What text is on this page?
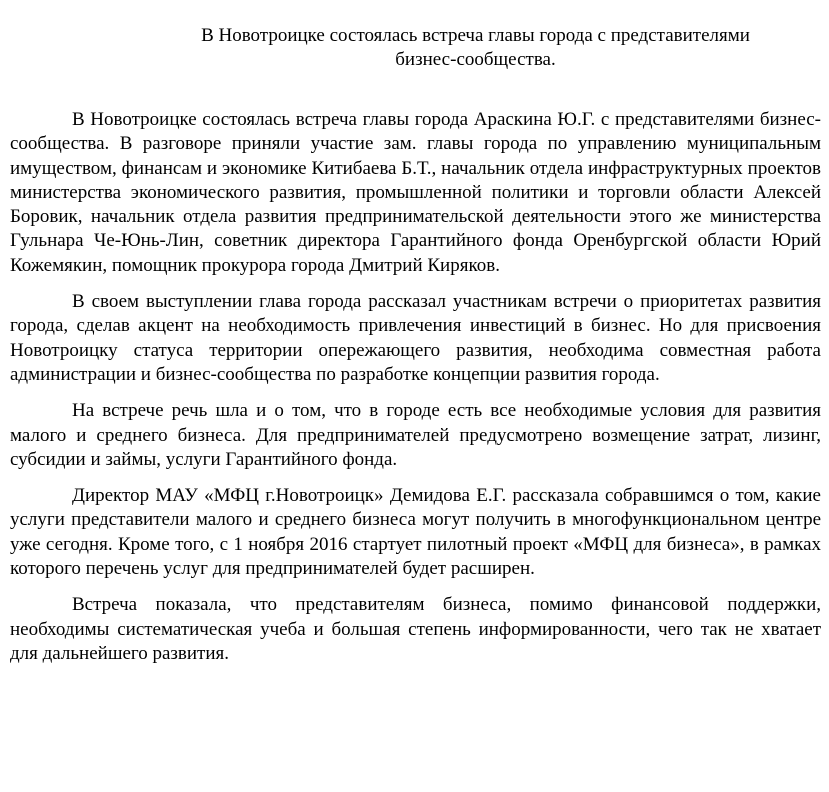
В Новотроицке состоялась встреча главы города с представителями
бизнес-сообщества.

В Новотроицке состоялась встреча главы города Араскина Ю.Г. с представителями бизнес-сообщества. В разговоре приняли участие зам. главы города по управлению муниципальным имуществом, финансам и экономике Китибаева Б.Т., начальник отдела инфраструктурных проектов министерства экономического развития, промышленной политики и торговли области Алексей Боровик, начальник отдела развития предпринимательской деятельности этого же министерства Гульнара Че-Юнь-Лин, советник директора Гарантийного фонда Оренбургской области Юрий Кожемякин, помощник прокурора города Дмитрий Киряков.

В своем выступлении глава города рассказал участникам встречи о приоритетах развития города, сделав акцент на необходимость привлечения инвестиций в бизнес. Но для присвоения Новотроицку статуса территории опережающего развития, необходима совместная работа администрации и бизнес-сообщества по разработке концепции развития города.

На встрече речь шла и о том, что в городе есть все необходимые условия для развития малого и среднего бизнеса. Для предпринимателей предусмотрено возмещение затрат, лизинг, субсидии и займы, услуги Гарантийного фонда.

Директор МАУ «МФЦ г.Новотроицк» Демидова Е.Г. рассказала собравшимся о том, какие услуги представители малого и среднего бизнеса могут получить в многофункциональном центре уже сегодня. Кроме того, с 1 ноября 2016 стартует пилотный проект «МФЦ для бизнеса», в рамках которого перечень услуг для предпринимателей будет расширен.

Встреча показала, что представителям бизнеса, помимо финансовой поддержки, необходимы систематическая учеба и большая степень информированности, чего так не хватает для дальнейшего развития.
